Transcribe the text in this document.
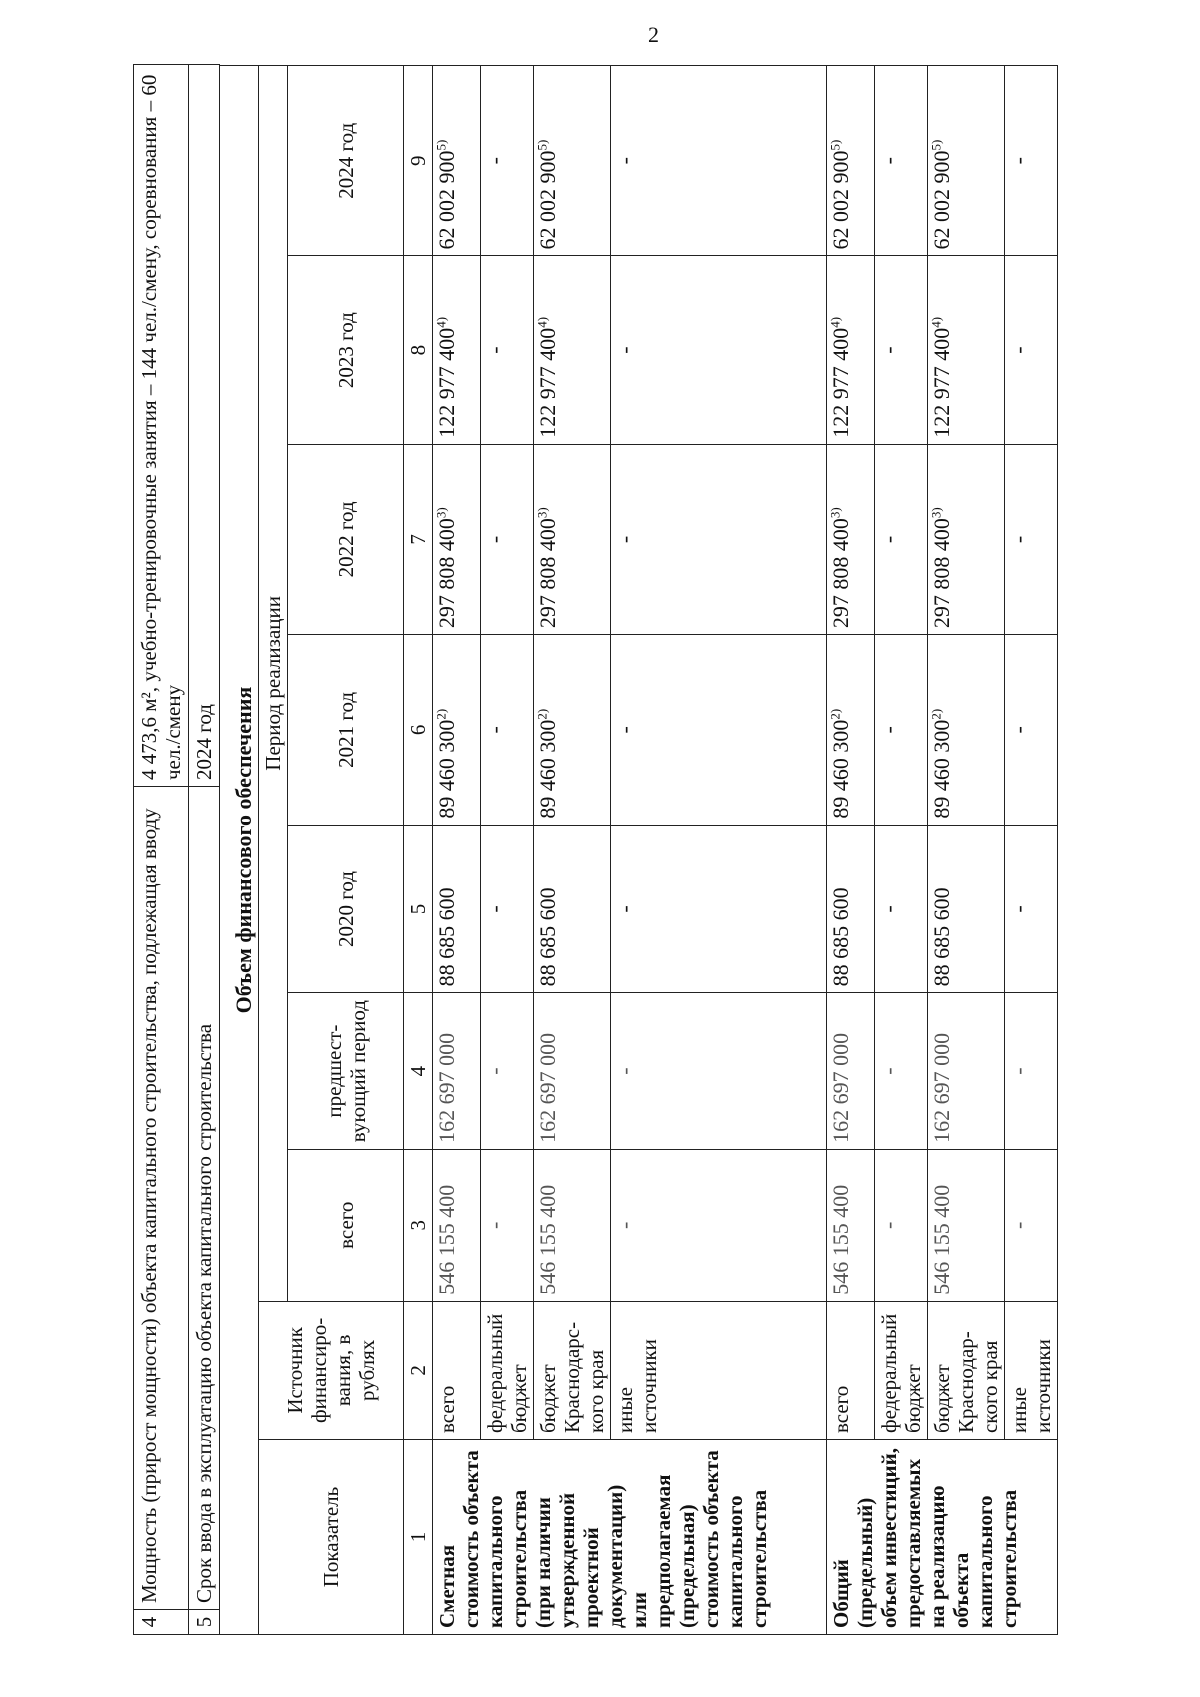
2
4	Мощность (прирост мощности) объекта капитального строительства, подлежащая вводу	4 473,6 м², учебно-тренировочные занятия – 144 чел./смену, соревнования – 60 чел./смену
5	Срок ввода в эксплуатацию объекта капитального строительства	2024 год Объем финансового обеспечения								
Показатель	Источник финансиро-вания, в рублях	Период реализации						
		всего	предшест-вующий период	2020 год	2021 год	2022 год	2023 год	2024 год
1	2	3	4	5	6	7	8	9
Сметная стоимость объекта капитального строительства (при наличии утвержденной проектной документации) или предполагаемая (предельная) стоимость объекта капитального строительства	всего	546 155 400	162 697 000	88 685 600	89 460 300$^{2)}$	297 808 400$^{3)}$	122 977 400$^{4)}$	62 002 900$^{5)}$
	федеральный бюджет	-	-	-	-	-	-	-
	бюджет Краснодарс-кого края	546 155 400	162 697 000	88 685 600	89 460 300$^{2)}$	297 808 400$^{3)}$	122 977 400$^{4)}$	62 002 900$^{5)}$
	иные источники	-	-	-	-	-	-	-
Общий (предельный) объем инвестиций, предоставляемых на реализацию объекта капитального строительства	всего	546 155 400	162 697 000	88 685 600	89 460 300$^{2)}$	297 808 400$^{3)}$	122 977 400$^{4)}$	62 002 900$^{5)}$
	федеральный бюджет	-	-	-	-	-	-	-
	бюджет Краснодар-ского края	546 155 400	162 697 000	88 685 600	89 460 300$^{2)}$	297 808 400$^{3)}$	122 977 400$^{4)}$	62 002 900$^{5)}$
	иные источники	-	-	-	-	-	-	-
